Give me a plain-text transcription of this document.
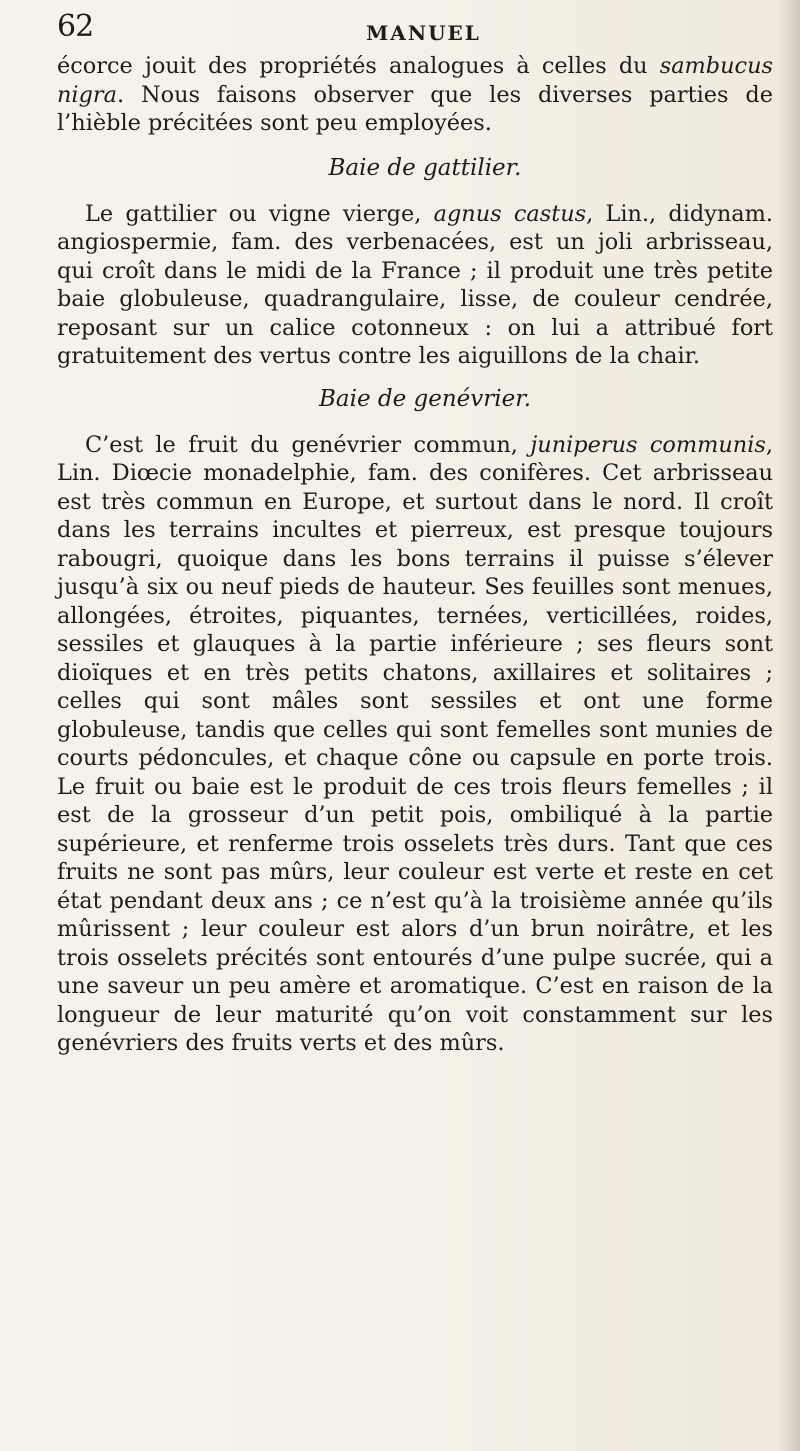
62	MANUEL

écorce jouit des propriétés analogues à celles du sambucus nigra. Nous faisons observer que les diverses parties de l’hièble précitées sont peu employées.

Baie de gattilier.

Le gattilier ou vigne vierge, agnus castus, Lin., didynam. angiospermie, fam. des verbenacées, est un joli arbrisseau, qui croît dans le midi de la France ; il produit une très petite baie globuleuse, quadrangulaire, lisse, de couleur cendrée, reposant sur un calice cotonneux : on lui a attribué fort gratuitement des vertus contre les aiguillons de la chair.

Baie de genévrier.

C’est le fruit du genévrier commun, juniperus communis, Lin. Diœcie monadelphie, fam. des conifères. Cet arbrisseau est très commun en Europe, et surtout dans le nord. Il croît dans les terrains incultes et pierreux, est presque toujours rabougri, quoique dans les bons terrains il puisse s’élever jusqu’à six ou neuf pieds de hauteur. Ses feuilles sont menues, allongées, étroites, piquantes, ternées, verticillées, roides, sessiles et glauques à la partie inférieure ; ses fleurs sont dioïques et en très petits chatons, axillaires et solitaires ; celles qui sont mâles sont sessiles et ont une forme globuleuse, tandis que celles qui sont femelles sont munies de courts pédoncules, et chaque cône ou capsule en porte trois. Le fruit ou baie est le produit de ces trois fleurs femelles ; il est de la grosseur d’un petit pois, ombiliqué à la partie supérieure, et renferme trois osselets très durs. Tant que ces fruits ne sont pas mûrs, leur couleur est verte et reste en cet état pendant deux ans ; ce n’est qu’à la troisième année qu’ils mûrissent ; leur couleur est alors d’un brun noirâtre, et les trois osselets précités sont entourés d’une pulpe sucrée, qui a une saveur un peu amère et aromatique. C’est en raison de la longueur de leur maturité qu’on voit constamment sur les genévriers des fruits verts et des mûrs.
